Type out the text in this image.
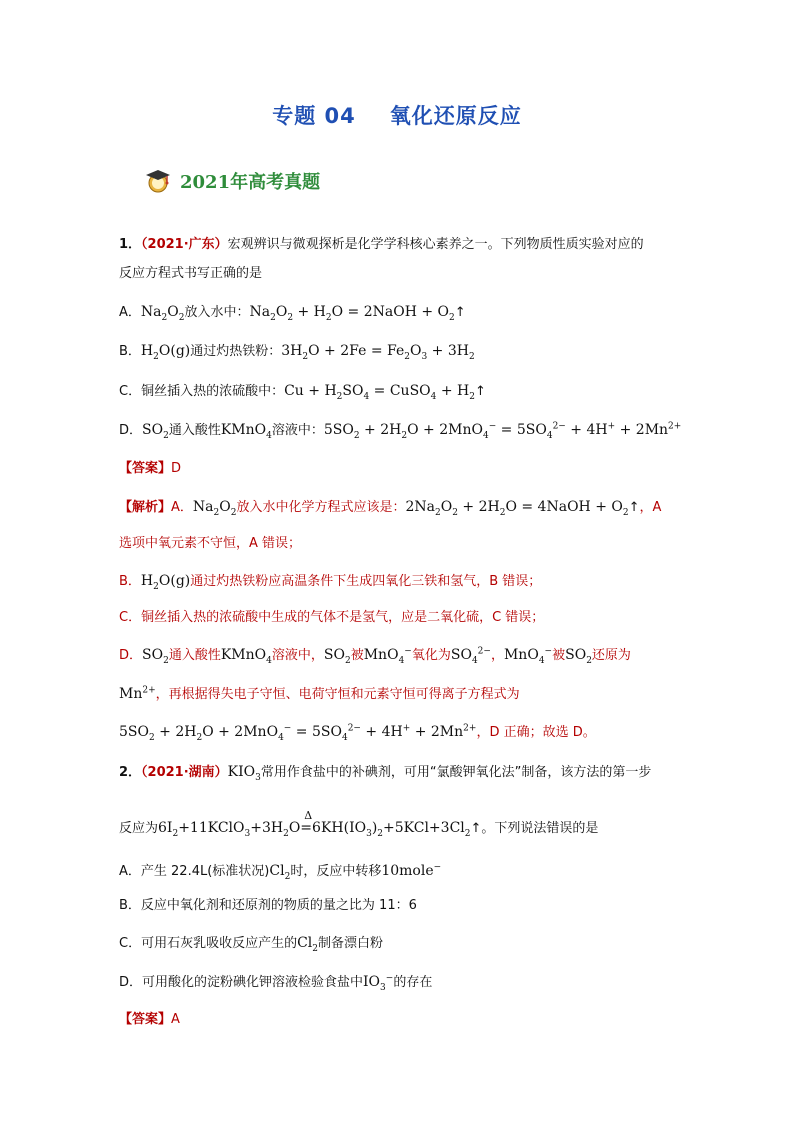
专题 04 氧化还原反应
2021年高考真题
1．（2021·广东）宏观辨识与微观探析是化学学科核心素养之一。下列物质性质实验对应的
反应方程式书写正确的是
A．$Na_2O_2$放入水中：$Na_2O_2 + H_2O$ = 2NaOH + $O_2↑$
B．$H_2O(g)$通过灼热铁粉：$3H_2O + 2Fe = Fe_2O_3 + 3H_2$
C．铜丝插入热的浓硫酸中：$Cu + H_2SO_4$ = CuSO$_4$ + $H_2↑$
D．$SO_2$通入酸性KMnO$_4$溶液中：$5SO_2 + 2H_2O + 2MnO_4^- = 5SO_4^{2-} + 4H^+ + 2Mn^{2+}$
【答案】D
【解析】A．$Na_2O_2$放入水中化学方程式应该是：$2Na_2O_2 + 2H_2O$ = 4NaOH + $O_2↑$，A
选项中氧元素不守恒，A 错误；
B．$H_2O(g)$通过灼热铁粉应高温条件下生成四氧化三铁和氢气，B 错误；
C．铜丝插入热的浓硫酸中生成的气体不是氢气，应是二氧化硫，C 错误；
D．$SO_2$通入酸性KMnO$_4$溶液中，$SO_2$被MnO$_4$−氧化为$SO_4^{2-}$，MnO$_4$−被$SO_2$还原为
$Mn^{2+}$，再根据得失电子守恒、电荷守恒和元素守恒可得离子方程式为
$5SO_2 + 2H_2O + 2MnO_4^- = 5SO_4^{2-} + 4H^+ + 2Mn^{2+}$，D 正确；故选 D。
2．（2021·湖南）$KIO_3$常用作食盐中的补碘剂，可用“氯酸钾氧化法”制备，该方法的第一步
反应为$6I_2+11KClO_3+3H_2O$
Δ
$=6KH(IO_3)_2+5KCl+3Cl_2↑$。下列说法错误的是
A．产生 22.4L(标准状况)$Cl_2$时，反应中转移10mole−
B．反应中氧化剂和还原剂的物质的量之比为 11：6
C．可用石灰乳吸收反应产生的$Cl_2$制备漂白粉
D．可用酸化的淀粉碘化钾溶液检验食盐中$IO_3^-$的存在
【答案】A
